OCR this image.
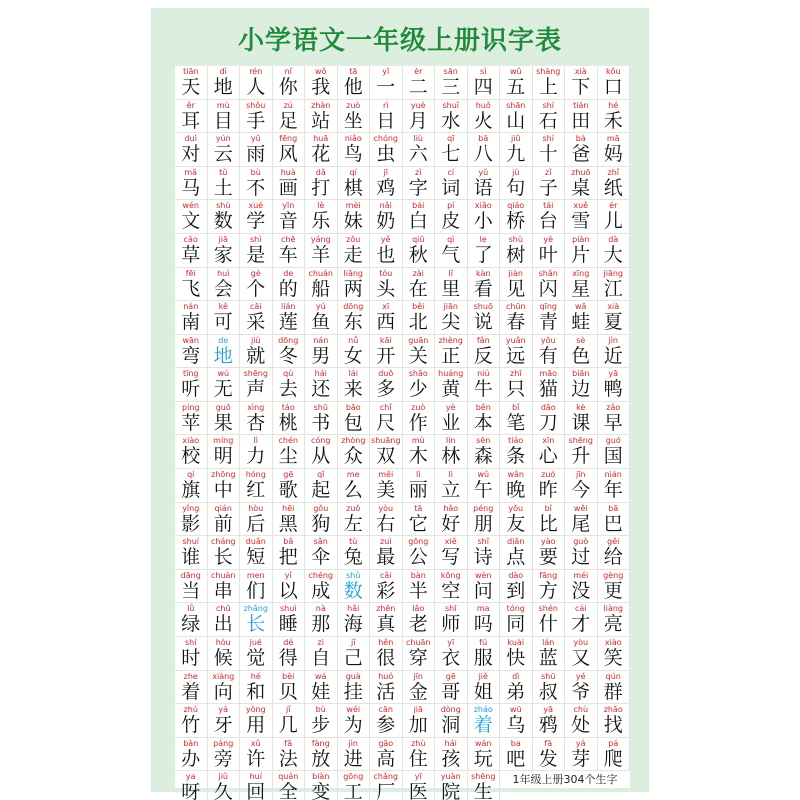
小学语文一年级上册识字表
1年级上册304个生字
tiān
天
dì
地
rén
人
nǐ
你
wǒ
我
tā
他
yī
一
èr
二
sān
三
sì
四
wǔ
五
shàng
上
xià
下
kǒu
口
ěr
耳
mù
目
shǒu
手
zú
足
zhàn
站
zuò
坐
rì
日
yuè
月
shuǐ
水
huǒ
火
shān
山
shí
石
tián
田
hé
禾
duì
对
yún
云
yǔ
雨
fēng
风
huā
花
niǎo
鸟
chóng
虫
liù
六
qī
七
bā
八
jiǔ
九
shí
十
bà
爸
mā
妈
mǎ
马
tǔ
土
bù
不
huà
画
dǎ
打
qí
棋
jī
鸡
zì
字
cí
词
yǔ
语
jù
句
zǐ
子
zhuō
桌
zhǐ
纸
wén
文
shù
数
xué
学
yīn
音
lè
乐
mèi
妹
nǎi
奶
bái
白
pí
皮
xiǎo
小
qiáo
桥
tái
台
xuě
雪
ér
儿
cǎo
草
jiā
家
shì
是
chē
车
yáng
羊
zǒu
走
yě
也
qiū
秋
qì
气
le
了
shù
树
yè
叶
piàn
片
dà
大
fēi
飞
huì
会
gè
个
de
的
chuán
船
liǎng
两
tóu
头
zài
在
lǐ
里
kàn
看
jiàn
见
shǎn
闪
xīng
星
jiāng
江
nán
南
kě
可
cǎi
采
lián
莲
yú
鱼
dōng
东
xī
西
běi
北
jiān
尖
shuō
说
chūn
春
qīng
青
wā
蛙
xià
夏
wān
弯
de
地
jiù
就
dōng
冬
nán
男
nǚ
女
kāi
开
guān
关
zhèng
正
fǎn
反
yuǎn
远
yǒu
有
sè
色
jìn
近
tīng
听
wú
无
shēng
声
qù
去
hái
还
lái
来
duō
多
shǎo
少
huáng
黄
niú
牛
zhī
只
māo
猫
biān
边
yā
鸭
píng
苹
guǒ
果
xìng
杏
táo
桃
shū
书
bāo
包
chǐ
尺
zuò
作
yè
业
běn
本
bǐ
笔
dāo
刀
kè
课
zǎo
早
xiào
校
míng
明
lì
力
chén
尘
cóng
从
zhòng
众
shuāng
双
mù
木
lín
林
sēn
森
tiáo
条
xīn
心
shēng
升
guó
国
qí
旗
zhōng
中
hóng
红
gē
歌
qǐ
起
me
么
měi
美
lì
丽
lì
立
wǔ
午
wǎn
晚
zuó
昨
jīn
今
nián
年
yǐng
影
qián
前
hòu
后
hēi
黑
gǒu
狗
zuǒ
左
yòu
右
tā
它
hǎo
好
péng
朋
yǒu
友
bǐ
比
wěi
尾
bā
巴
shuí
谁
cháng
长
duǎn
短
bǎ
把
sǎn
伞
tù
兔
zuì
最
gōng
公
xiě
写
shī
诗
diǎn
点
yào
要
guò
过
gěi
给
dāng
当
chuàn
串
men
们
yǐ
以
chéng
成
shǔ
数
cǎi
彩
bàn
半
kōng
空
wèn
问
dào
到
fāng
方
méi
没
gèng
更
lǜ
绿
chū
出
zhǎng
长
shuì
睡
nà
那
hǎi
海
zhēn
真
lǎo
老
shī
师
ma
吗
tóng
同
shén
什
cái
才
liàng
亮
shí
时
hòu
候
jué
觉
dé
得
zì
自
jǐ
己
hěn
很
chuān
穿
yī
衣
fú
服
kuài
快
lán
蓝
yòu
又
xiào
笑
zhe
着
xiàng
向
hé
和
bèi
贝
wá
娃
guà
挂
huó
活
jīn
金
gē
哥
jiě
姐
dì
弟
shū
叔
yé
爷
qún
群
zhú
竹
yá
牙
yòng
用
jǐ
几
bù
步
wéi
为
cān
参
jiā
加
dòng
洞
zháo
着
wū
乌
yā
鸦
chù
处
zhǎo
找
bàn
办
páng
旁
xǔ
许
fǎ
法
fàng
放
jìn
进
gāo
高
zhù
住
hái
孩
wán
玩
ba
吧
fā
发
yá
芽
pá
爬
ya
呀
jiǔ
久
huí
回
quán
全
biàn
变
gōng
工
chǎng
厂
yī
医
yuàn
院
shēng
生
